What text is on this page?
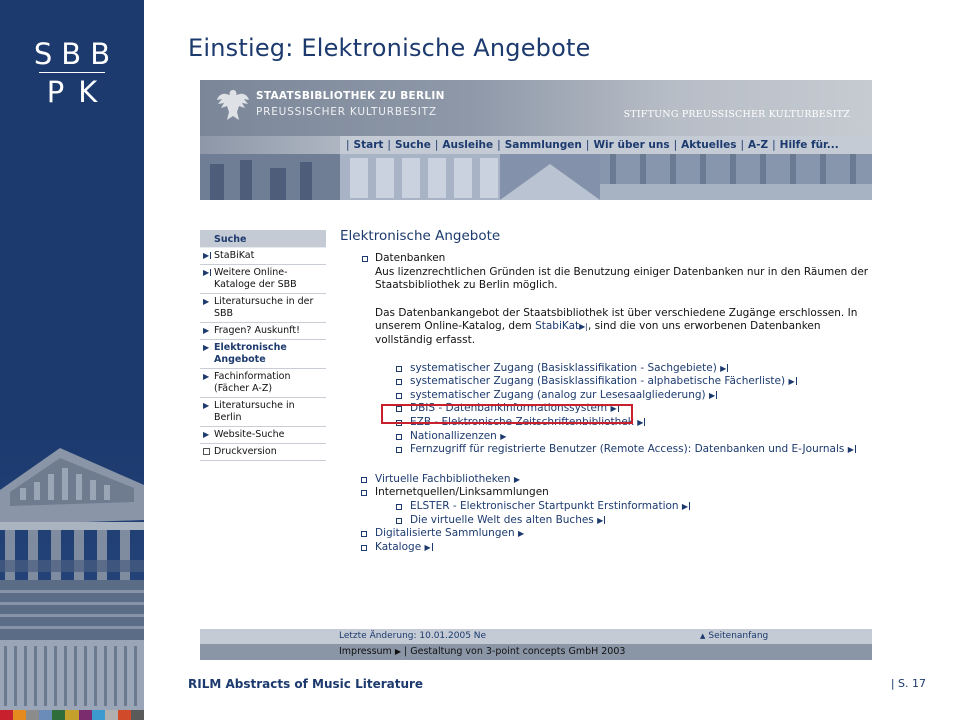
SBB
PK
Einstieg: Elektronische Angebote
STAATSBIBLIOTHEK ZU BERLIN
PREUSSISCHER KULTURBESITZ	STIFTUNG PREUSSISCHER KULTURBESITZ
| Start | Suche | Ausleihe | Sammlungen | Wir über uns | Aktuelles | A-Z | Hilfe für...
Suche
▶ StaBiKat
▶ Weitere Online-Kataloge der SBB
▶ Literatursuche in der SBB
▶ Fragen? Auskunft!
▶ Elektronische Angebote
▶ Fachinformation (Fächer A-Z)
▶ Literatursuche in Berlin
▶ Website-Suche
Druckversion
Elektronische Angebote
Datenbanken
Aus lizenzrechtlichen Gründen ist die Benutzung einiger Datenbanken nur in den Räumen der Staatsbibliothek zu Berlin möglich.
Das Datenbankangebot der Staatsbibliothek ist über verschiedene Zugänge erschlossen. In unserem Online-Katalog, dem StabiKat▶|, sind die von uns erworbenen Datenbanken vollständig erfasst.
systematischer Zugang (Basisklassifikation - Sachgebiete) ▶
systematischer Zugang (Basisklassifikation - alphabetische Fächerliste) ▶
systematischer Zugang (analog zur Lesesaalgliederung) ▶
DBIS - Datenbankinformationssystem ▶
EZB - Elektronische Zeitschriftenbibliothek ▶
Nationallizenzen ▶
Fernzugriff für registrierte Benutzer (Remote Access): Datenbanken und E-Journals ▶
Virtuelle Fachbibliotheken ▶
Internetquellen/Linksammlungen
ELSTER - Elektronischer Startpunkt Erstinformation ▶
Die virtuelle Welt des alten Buches ▶
Digitalisierte Sammlungen ▶
Kataloge ▶
Letzte Änderung: 10.01.2005 Ne
▲	Seitenanfang
Impressum ▶ | Gestaltung von 3-point concepts GmbH 2003
RILM Abstracts of Music Literature	| S. 17
